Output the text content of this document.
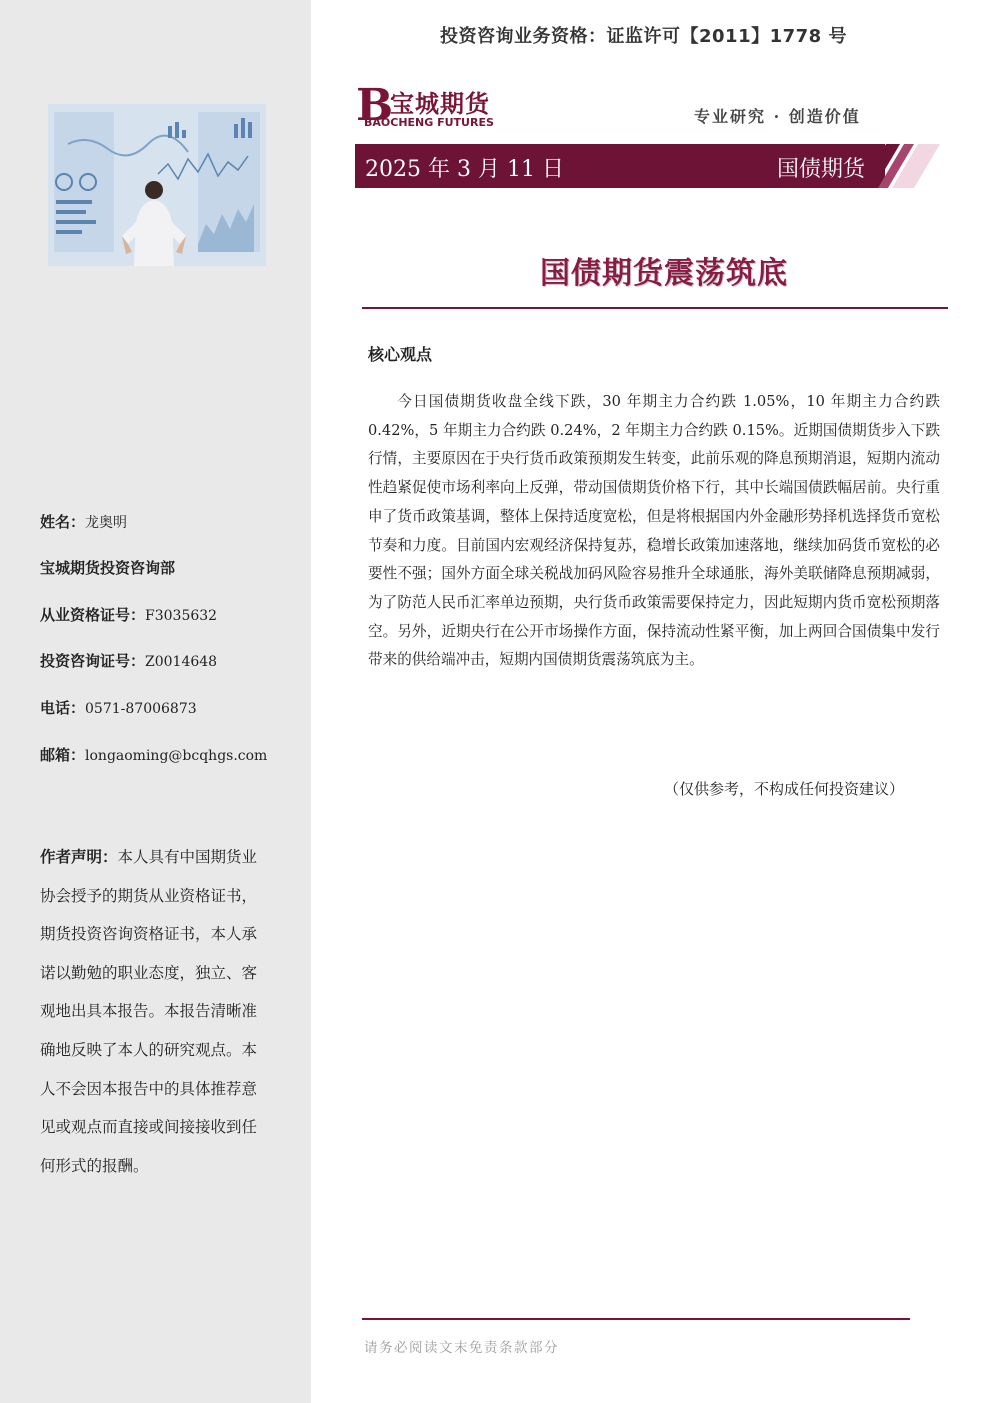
姓名：龙奥明
宝城期货投资咨询部
从业资格证号：F3035632
投资咨询证号：Z0014648
电话：0571-87006873
邮箱：longaoming@bcqhgs.com
作者声明：本人具有中国期货业协会授予的期货从业资格证书，期货投资咨询资格证书，本人承诺以勤勉的职业态度，独立、客观地出具本报告。本报告清晰准确地反映了本人的研究观点。本人不会因本报告中的具体推荐意见或观点而直接或间接接收到任何形式的报酬。
投资咨询业务资格：证监许可【2011】1778 号
B
宝城期货
BAOCHENG FUTURES	专业研究 · 创造价值
2025 年 3 月 11 日	国债期货
国债期货震荡筑底
核心观点
今日国债期货收盘全线下跌，30 年期主力合约跌 1.05%，10 年期主力合约跌 0.42%，5 年期主力合约跌 0.24%，2 年期主力合约跌 0.15%。近期国债期货步入下跌行情，主要原因在于央行货币政策预期发生转变，此前乐观的降息预期消退，短期内流动性趋紧促使市场利率向上反弹，带动国债期货价格下行，其中长端国债跌幅居前。央行重申了货币政策基调，整体上保持适度宽松，但是将根据国内外金融形势择机选择货币宽松节奏和力度。目前国内宏观经济保持复苏，稳增长政策加速落地，继续加码货币宽松的必要性不强；国外方面全球关税战加码风险容易推升全球通胀，海外美联储降息预期减弱，为了防范人民币汇率单边预期，央行货币政策需要保持定力，因此短期内货币宽松预期落空。另外，近期央行在公开市场操作方面，保持流动性紧平衡，加上两回合国债集中发行带来的供给端冲击，短期内国债期货震荡筑底为主。
（仅供参考，不构成任何投资建议）
请务必阅读文末免责条款部分
